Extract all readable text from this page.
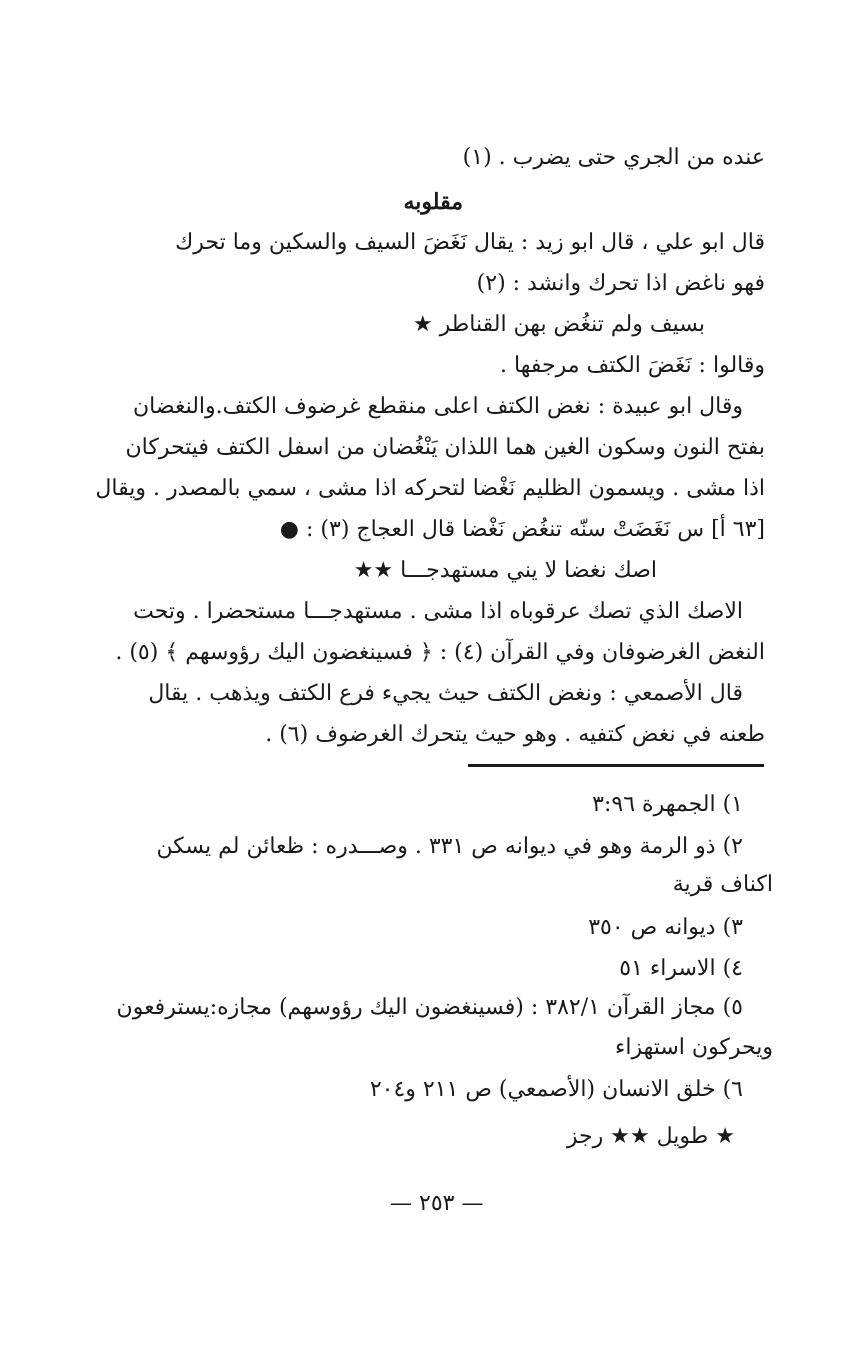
عنده من الجري حتى يضرب . (١)
مقلوبه
قال ابو علي ، قال ابو زيد : يقال نَغَضَ السيف والسكين وما تحرك
فهو ناغض اذا تحرك وانشد : (٢)
بسيف ولم تنغُض بهن القناطر ★
وقالوا : نَغَضَ الكتف مرجفها .
وقال ابو عبيدة : نغض الكتف اعلى منقطع غرضوف الكتف.والنغضان
بفتح النون وسكون الغين هما اللذان يَنْغُضان من اسفل الكتف فيتحركان
اذا مشى . ويسمون الظليم نَغْضا لتحركه اذا مشى ، سمي بالمصدر . ويقال
[٦٣ أ] س نَغَضَتْ سنّه تنغُض نَغْضا قال العجاج (٣) : ●
اصك نغضا لا يني مستهدجـــا ★★
الاصك الذي تصك عرقوباه اذا مشى . مستهدجـــا مستحضرا . وتحت
النغض الغرضوفان وفي القرآن (٤) : ﴿ فسينغضون اليك رؤوسهم ﴾ (٥) .
قال الأصمعي : ونغض الكتف حيث يجيء فرع الكتف ويذهب . يقال
طعنه في نغض كتفيه . وهو حيث يتحرك الغرضوف (٦) .
١) الجمهرة ٣:٩٦
٢) ذو الرمة وهو في ديوانه ص ٣٣١ . وصـــدره : ظعائن لم يسكن
اكناف قرية
٣) ديوانه ص ٣٥٠
٤) الاسراء ٥١
٥) مجاز القرآن ٣٨٢/١ : (فسينغضون اليك رؤوسهم) مجازه:يسترفعون
ويحركون استهزاء
٦) خلق الانسان (الأصمعي) ص ٢١١ و٢٠٤
★ طويل ★★ رجز
— ٢٥٣ —
